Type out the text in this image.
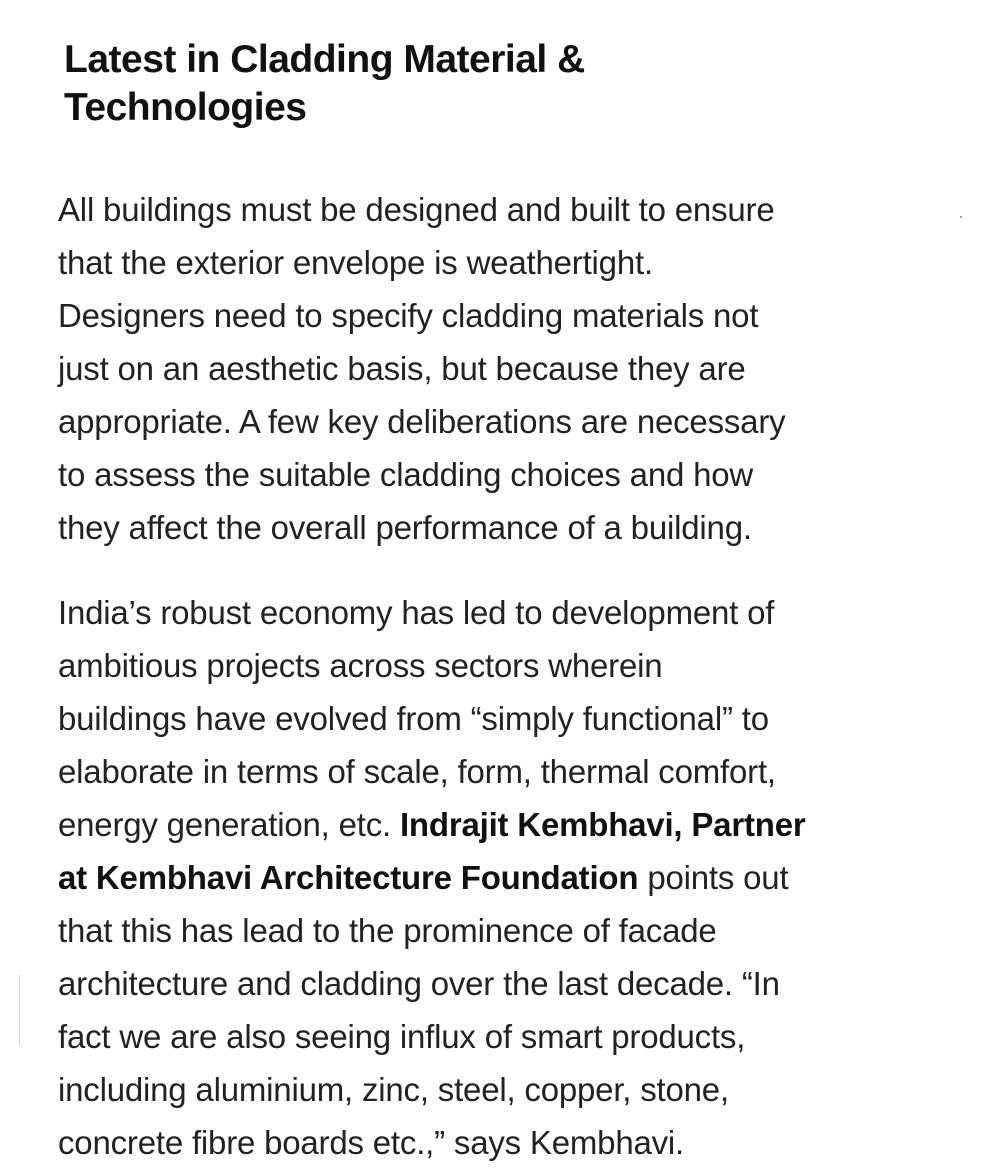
Latest in Cladding Material &
Technologies

All buildings must be designed and built to ensure
that the exterior envelope is weathertight.
Designers need to specify cladding materials not
just on an aesthetic basis, but because they are
appropriate. A few key deliberations are necessary
to assess the suitable cladding choices and how
they affect the overall performance of a building.

India’s robust economy has led to development of
ambitious projects across sectors wherein
buildings have evolved from “simply functional” to
elaborate in terms of scale, form, thermal comfort,
energy generation, etc. Indrajit Kembhavi, Partner
at Kembhavi Architecture Foundation points out
that this has lead to the prominence of facade
architecture and cladding over the last decade. “In
fact we are also seeing influx of smart products,
including aluminium, zinc, steel, copper, stone,
concrete fibre boards etc.,” says Kembhavi.
